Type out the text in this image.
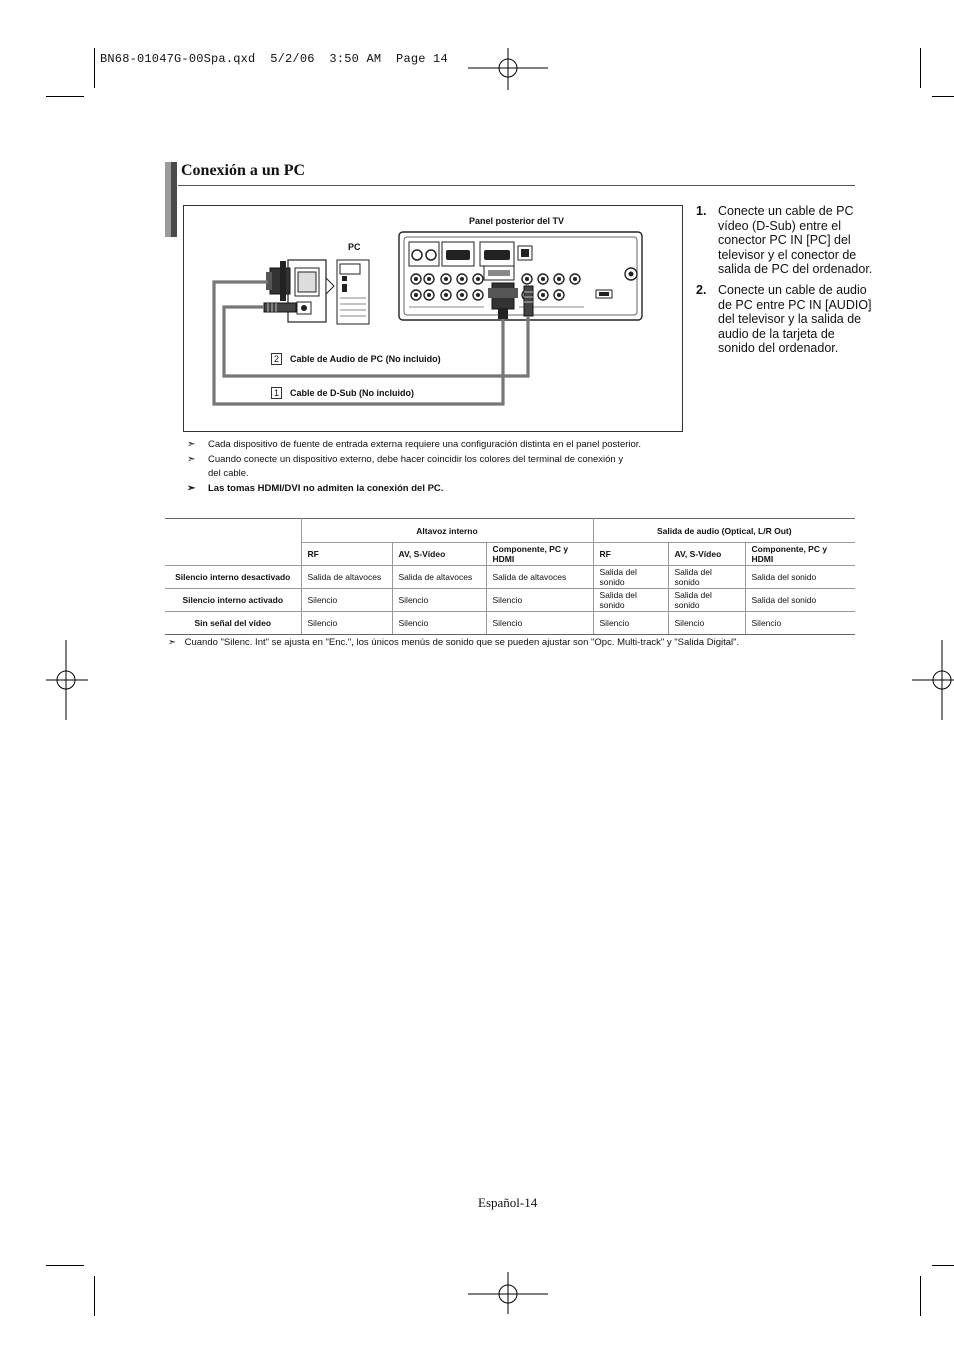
BN68-01047G-00Spa.qxd  5/2/06  3:50 AM  Page 14
Conexión a un PC
Panel posterior del TV
PC
2	Cable de Audio de PC (No incluido)
1	Cable de D-Sub (No incluido)
1. Conecte un cable de PC vídeo (D-Sub) entre el conector PC IN [PC] del televisor y el conector de salida de PC del ordenador.
2. Conecte un cable de audio de PC entre PC IN [AUDIO] del televisor y la salida de audio de la tarjeta de sonido del ordenador.
➣ Cada dispositivo de fuente de entrada externa requiere una configuración distinta en el panel posterior.
➣ Cuando conecte un dispositivo externo, debe hacer coincidir los colores del terminal de conexión y del cable.
➣ Las tomas HDMI/DVI no admiten la conexión del PC.
	Altavoz interno			Salida de audio (Optical, L/R Out)		
	RF	AV, S-Vídeo	Componente, PC y HDMI	RF	AV, S-Vídeo	Componente, PC y HDMI
Silencio interno desactivado	Salida de altavoces	Salida de altavoces	Salida de altavoces	Salida del sonido	Salida del sonido	Salida del sonido
Silencio interno activado	Silencio	Silencio	Silencio	Salida del sonido	Salida del sonido	Salida del sonido
Sin señal del vídeo	Silencio	Silencio	Silencio	Silencio	Silencio	Silencio
➣ Cuando "Silenc. Int" se ajusta en "Enc.", los únicos menús de sonido que se pueden ajustar son "Opc. Multi-track" y "Salida Digital".
Español-14
